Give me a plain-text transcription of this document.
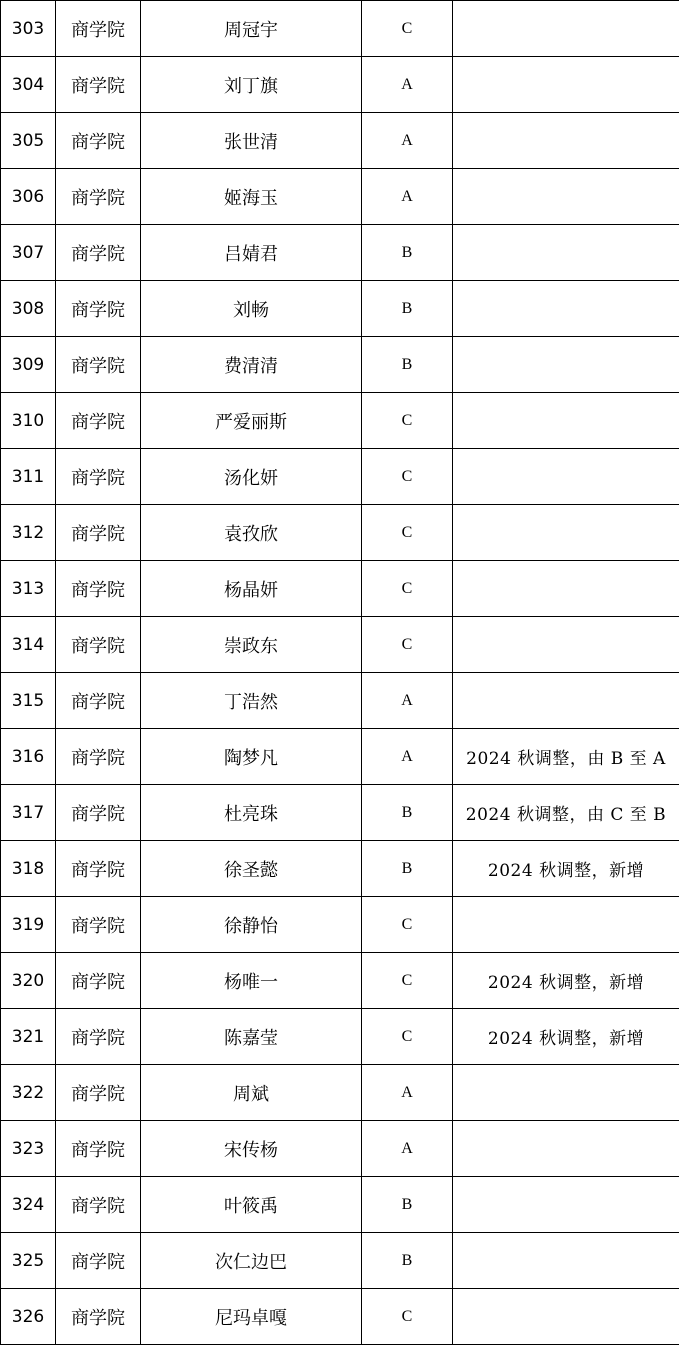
303	商学院	周冠宇	C	
304	商学院	刘丁旗	A	
305	商学院	张世清	A	
306	商学院	姬海玉	A	
307	商学院	吕婧君	B	
308	商学院	刘畅	B	
309	商学院	费清清	B	
310	商学院	严爱丽斯	C	
311	商学院	汤化妍	C	
312	商学院	袁孜欣	C	
313	商学院	杨晶妍	C	
314	商学院	崇政东	C	
315	商学院	丁浩然	A	
316	商学院	陶梦凡	A	2024 秋调整，由 B 至 A
317	商学院	杜亮珠	B	2024 秋调整，由 C 至 B
318	商学院	徐圣懿	B	2024 秋调整，新增
319	商学院	徐静怡	C	
320	商学院	杨唯一	C	2024 秋调整，新增
321	商学院	陈嘉莹	C	2024 秋调整，新增
322	商学院	周斌	A	
323	商学院	宋传杨	A	
324	商学院	叶筱禹	B	
325	商学院	次仁边巴	B	
326	商学院	尼玛卓嘎	C	
